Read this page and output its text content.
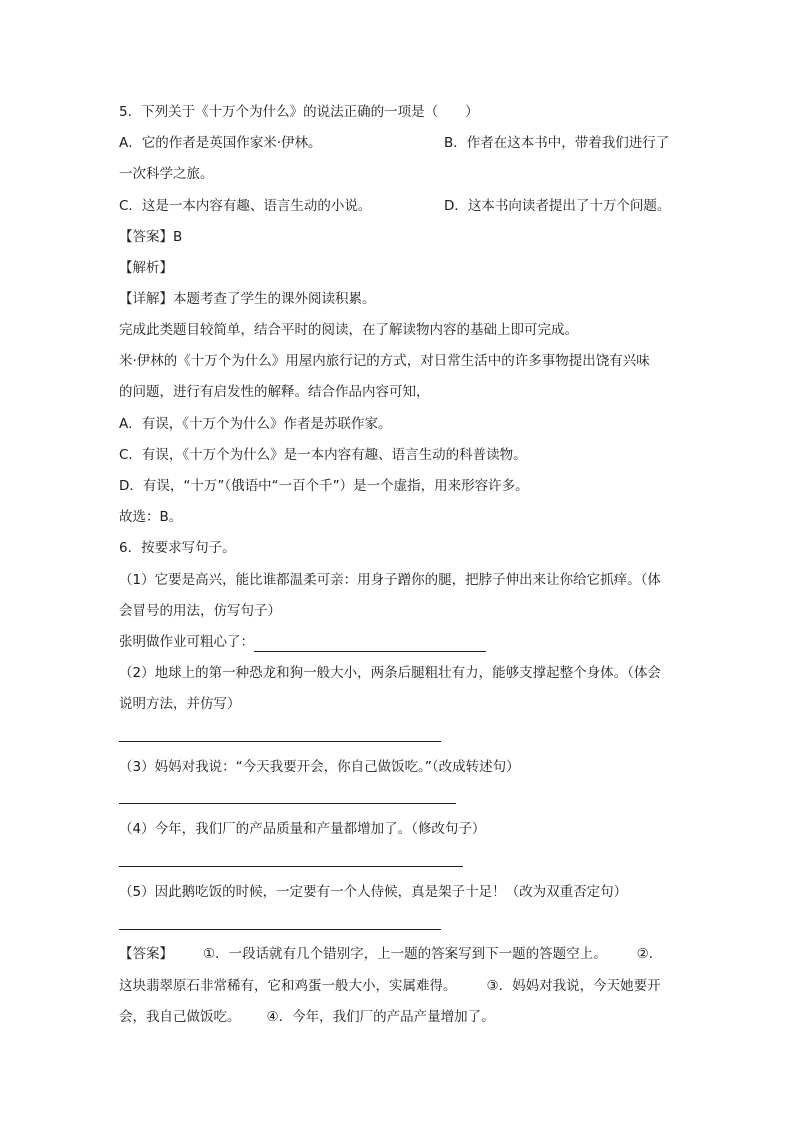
5．下列关于《十万个为什么》的说法正确的一项是（　　）
A．它的作者是英国作家米·伊林。	B．作者在这本书中，带着我们进行了
一次科学之旅。
C．这是一本内容有趣、语言生动的小说。	D．这本书向读者提出了十万个问题。
【答案】B
【解析】
【详解】本题考查了学生的课外阅读积累。
完成此类题目较简单，结合平时的阅读，在了解读物内容的基础上即可完成。
米·伊林的《十万个为什么》用屋内旅行记的方式，对日常生活中的许多事物提出饶有兴味
的问题，进行有启发性的解释。结合作品内容可知，
A．有误，《十万个为什么》作者是苏联作家。
C．有误，《十万个为什么》是一本内容有趣、语言生动的科普读物。
D．有误，“十万”（俄语中“一百个千”）是一个虚指，用来形容许多。
故选：B。
6．按要求写句子。
（1）它要是高兴，能比谁都温柔可亲：用身子蹭你的腿，把脖子伸出来让你给它抓痒。（体
会冒号的用法，仿写句子）
张明做作业可粗心了：
（2）地球上的第一种恐龙和狗一般大小，两条后腿粗壮有力，能够支撑起整个身体。（体会
说明方法，并仿写）
（3）妈妈对我说：“今天我要开会，你自己做饭吃。”（改成转述句）
（4）今年，我们厂的产品质量和产量都增加了。（修改句子）
（5）因此鹅吃饭的时候，一定要有一个人侍候，真是架子十足！（改为双重否定句）
【答案】 ①．一段话就有几个错别字，上一题的答案写到下一题的答题空上。 ②．
这块翡翠原石非常稀有，它和鸡蛋一般大小，实属难得。 ③．妈妈对我说，今天她要开
会，我自己做饭吃。 ④．今年，我们厂的产品产量增加了。
